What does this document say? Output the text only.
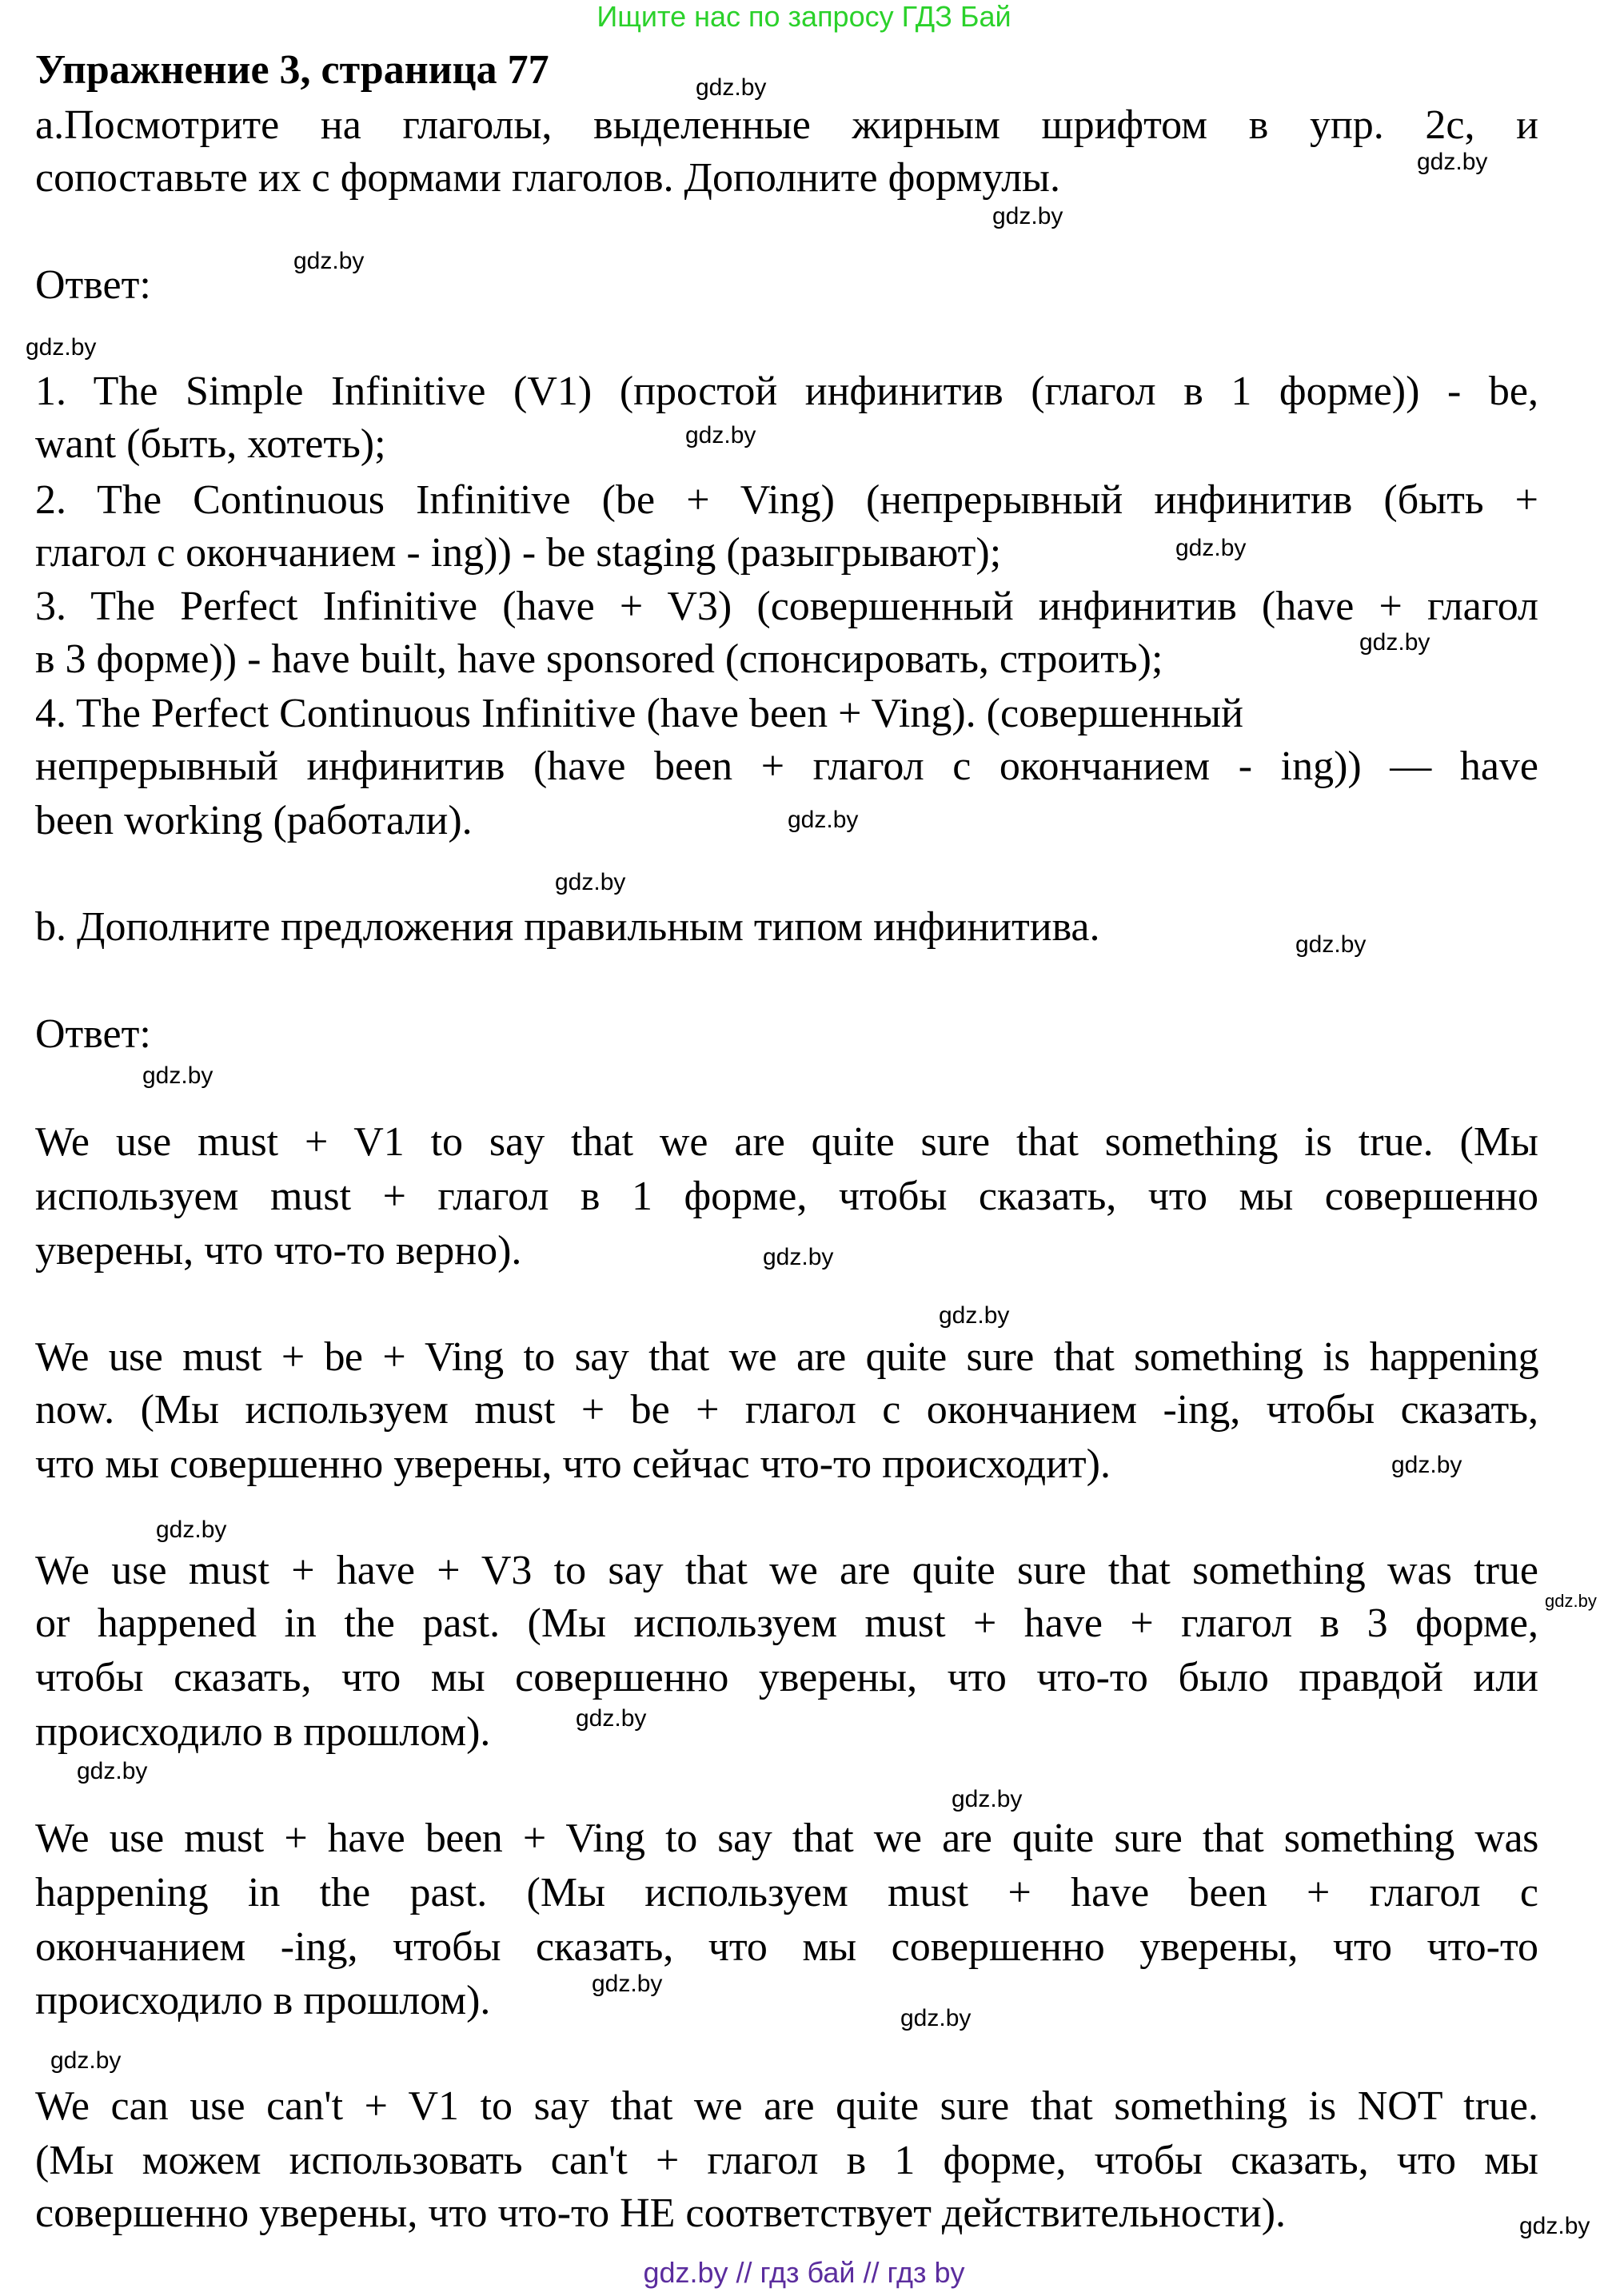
Ищите нас по запросу ГДЗ Бай
Упражнение 3, страница 77
а.Посмотрите на глаголы, выделенные жирным шрифтом в упр. 2с, и
сопоставьте их с формами глаголов. Дополните формулы.
Ответ:
1. The Simple Infinitive (V1) (простой инфинитив (глагол в 1 форме)) - be,
want (быть, хотеть);
2. The Continuous Infinitive (be + Ving) (непрерывный инфинитив (быть +
глагол с окончанием - ing)) - be staging (разыгрывают);
3. The Perfect Infinitive (have + V3) (совершенный инфинитив (have + глагол
в 3 форме)) - have built, have sponsored (спонсировать, строить);
4. The Perfect Continuous Infinitive (have been + Ving). (совершенный
непрерывный инфинитив (have been + глагол с окончанием - ing)) — have
been working (работали).
b. Дополните предложения правильным типом инфинитива.
Ответ:
We use must + V1 to say that we are quite sure that something is true. (Мы
используем must + глагол в 1 форме, чтобы сказать, что мы совершенно
уверены, что что-то верно).
We use must + be + Ving to say that we are quite sure that something is happening
now. (Мы используем must + be + глагол с окончанием -ing, чтобы сказать,
что мы совершенно уверены, что сейчас что-то происходит).
We use must + have + V3 to say that we are quite sure that something was true
or happened in the past. (Мы используем must + have + глагол в 3 форме,
чтобы сказать, что мы совершенно уверены, что что-то было правдой или
происходило в прошлом).
We use must + have been + Ving to say that we are quite sure that something was
happening in the past. (Мы используем must + have been + глагол с
окончанием -ing, чтобы сказать, что мы совершенно уверены, что что-то
происходило в прошлом).
We can use can't + V1 to say that we are quite sure that something is NOT true.
(Мы можем использовать can't + глагол в 1 форме, чтобы сказать, что мы
совершенно уверены, что что-то НЕ соответствует действительности).
gdz.by
gdz.by
gdz.by
gdz.by
gdz.by
gdz.by
gdz.by
gdz.by
gdz.by
gdz.by
gdz.by
gdz.by
gdz.by
gdz.by
gdz.by
gdz.by
gdz.by
gdz.by
gdz.by
gdz.by
gdz.by
gdz.by
gdz.by
gdz.by
gdz.by // гдз бай // гдз by
